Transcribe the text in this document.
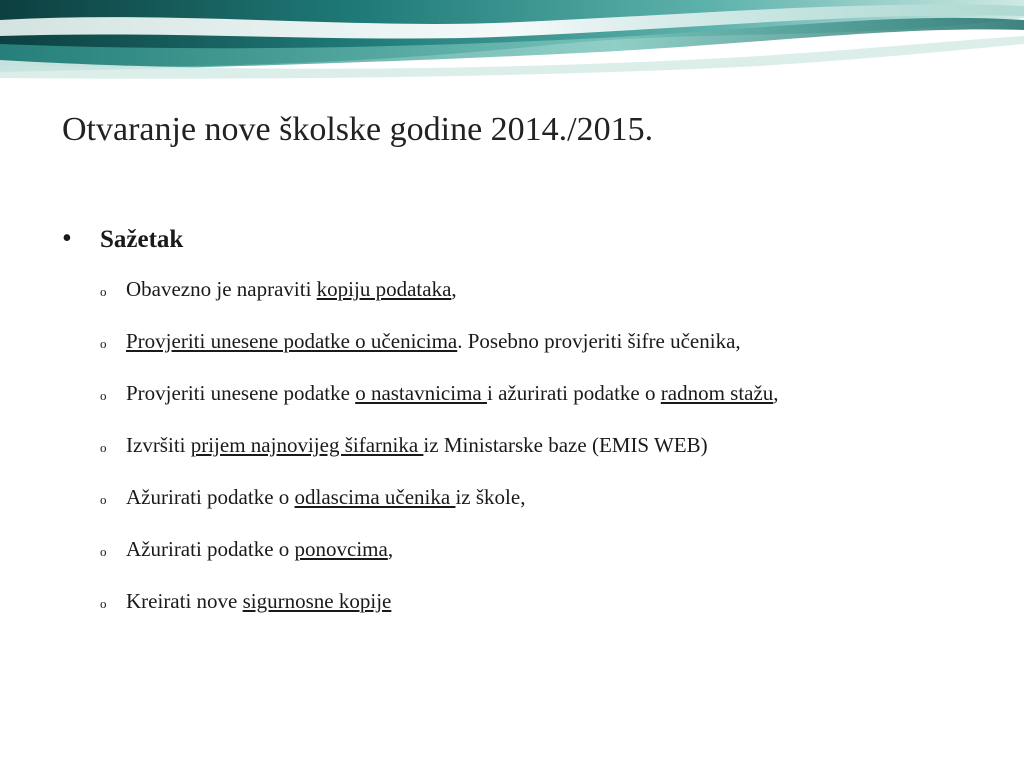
Otvaranje nove školske godine 2014./2015.
•	Sažetak
o Obavezno je napraviti kopiju podataka,
o Provjeriti unesene podatke o učenicima. Posebno provjeriti šifre učenika,
o Provjeriti unesene podatke o nastavnicima i ažurirati podatke o radnom stažu,
o Izvršiti prijem najnovijeg šifarnika iz Ministarske baze (EMIS WEB)
o Ažurirati podatke o odlascima učenika iz škole,
o Ažurirati podatke o ponovcima,
o Kreirati nove sigurnosne kopije
